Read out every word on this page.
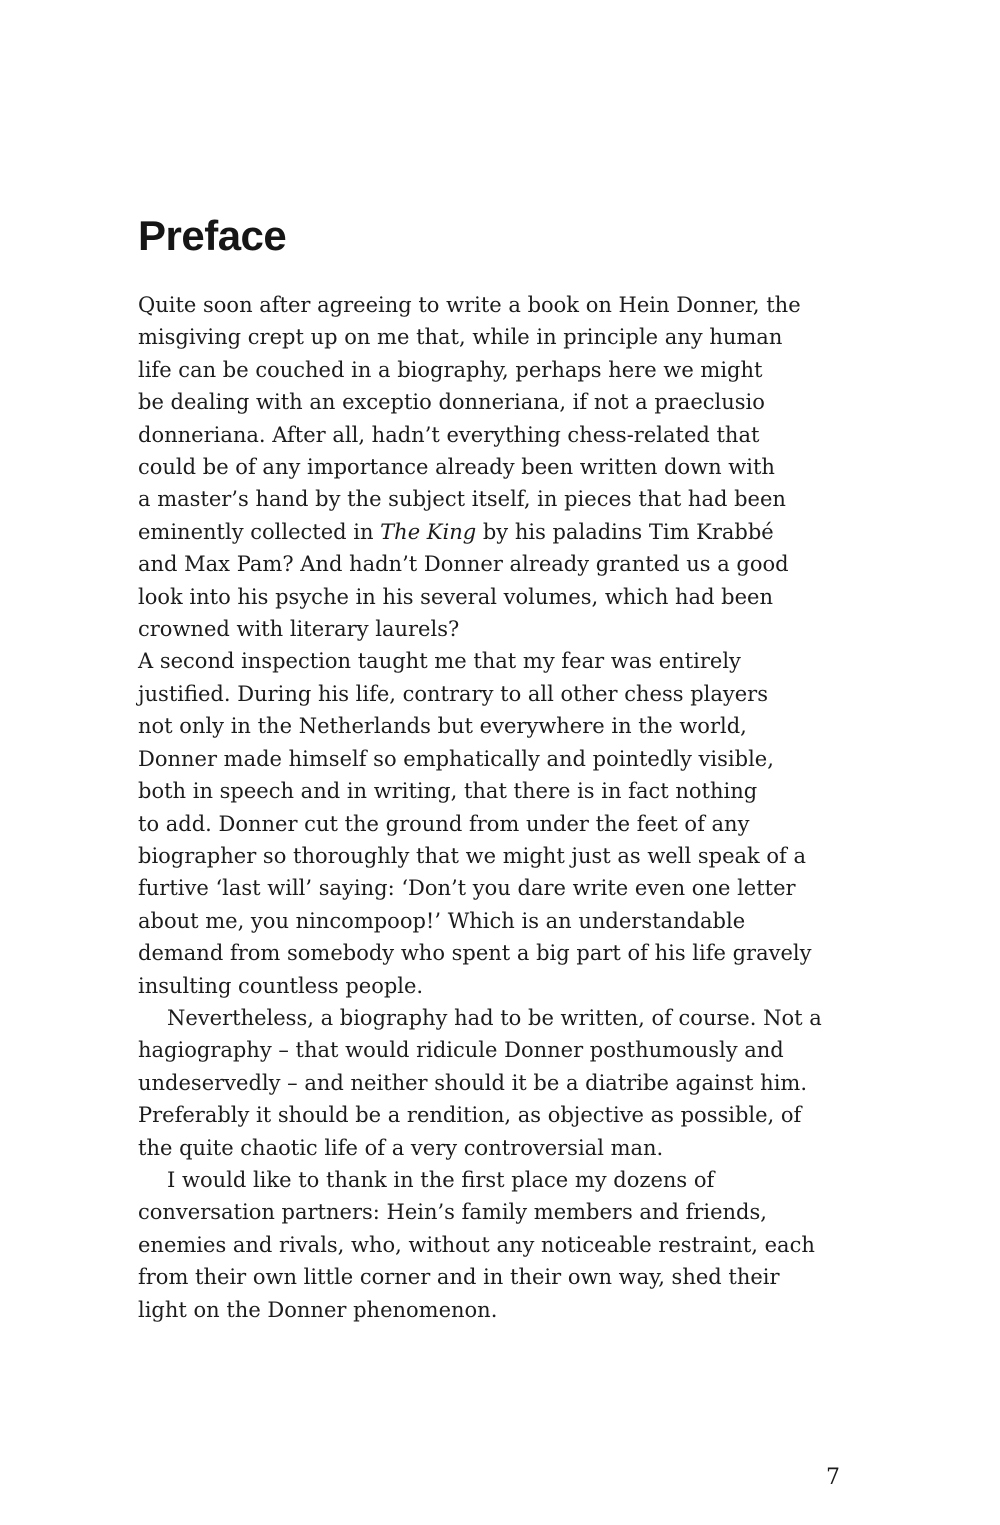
Preface
Quite soon after agreeing to write a book on Hein Donner, the
misgiving crept up on me that, while in principle any human
life can be couched in a biography, perhaps here we might
be dealing with an exceptio donneriana, if not a praeclusio
donneriana. After all, hadn’t everything chess-related that
could be of any importance already been written down with
a master’s hand by the subject itself, in pieces that had been
eminently collected in The King by his paladins Tim Krabbé
and Max Pam? And hadn’t Donner already granted us a good
look into his psyche in his several volumes, which had been
crowned with literary laurels?
A second inspection taught me that my fear was entirely
justified. During his life, contrary to all other chess players
not only in the Netherlands but everywhere in the world,
Donner made himself so emphatically and pointedly visible,
both in speech and in writing, that there is in fact nothing
to add. Donner cut the ground from under the feet of any
biographer so thoroughly that we might just as well speak of a
furtive ‘last will’ saying: ‘Don’t you dare write even one letter
about me, you nincompoop!’ Which is an understandable
demand from somebody who spent a big part of his life gravely
insulting countless people.
Nevertheless, a biography had to be written, of course. Not a
hagiography – that would ridicule Donner posthumously and
undeservedly – and neither should it be a diatribe against him.
Preferably it should be a rendition, as objective as possible, of
the quite chaotic life of a very controversial man.
I would like to thank in the first place my dozens of
conversation partners: Hein’s family members and friends,
enemies and rivals, who, without any noticeable restraint, each
from their own little corner and in their own way, shed their
light on the Donner phenomenon.
7
